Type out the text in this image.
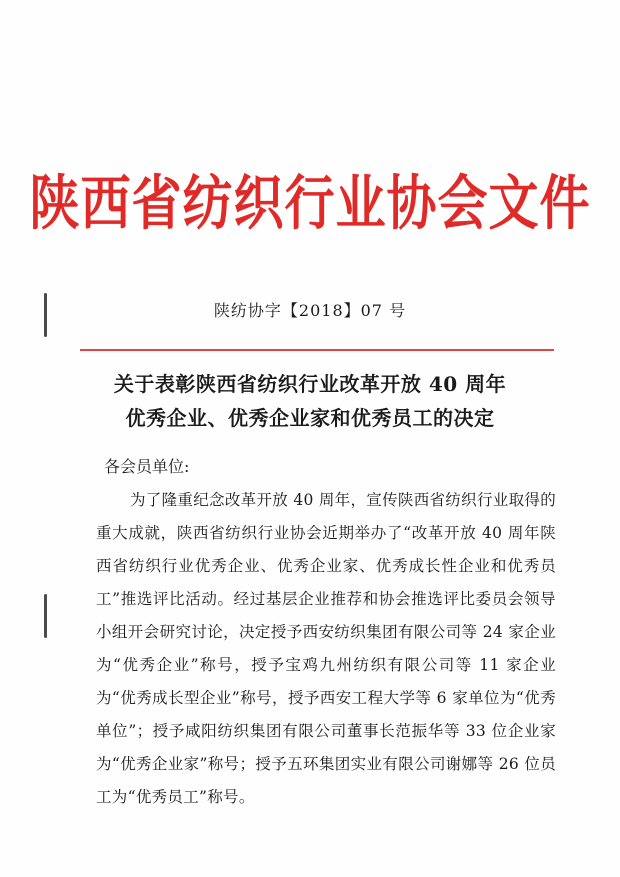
陕西省纺织行业协会文件
陕纺协字【2018】07 号
关于表彰陕西省纺织行业改革开放 40 周年
优秀企业、优秀企业家和优秀员工的决定
各会员单位:
为了隆重纪念改革开放 40 周年，宣传陕西省纺织行业取得的重大成就，陕西省纺织行业协会近期举办了“改革开放 40 周年陕西省纺织行业优秀企业、优秀企业家、优秀成长性企业和优秀员工”推选评比活动。经过基层企业推荐和协会推选评比委员会领导小组开会研究讨论，决定授予西安纺织集团有限公司等 24 家企业为“优秀企业”称号，授予宝鸡九州纺织有限公司等 11 家企业为“优秀成长型企业”称号，授予西安工程大学等 6 家单位为“优秀单位”；授予咸阳纺织集团有限公司董事长范振华等 33 位企业家为“优秀企业家”称号；授予五环集团实业有限公司谢娜等 26 位员工为“优秀员工”称号。
